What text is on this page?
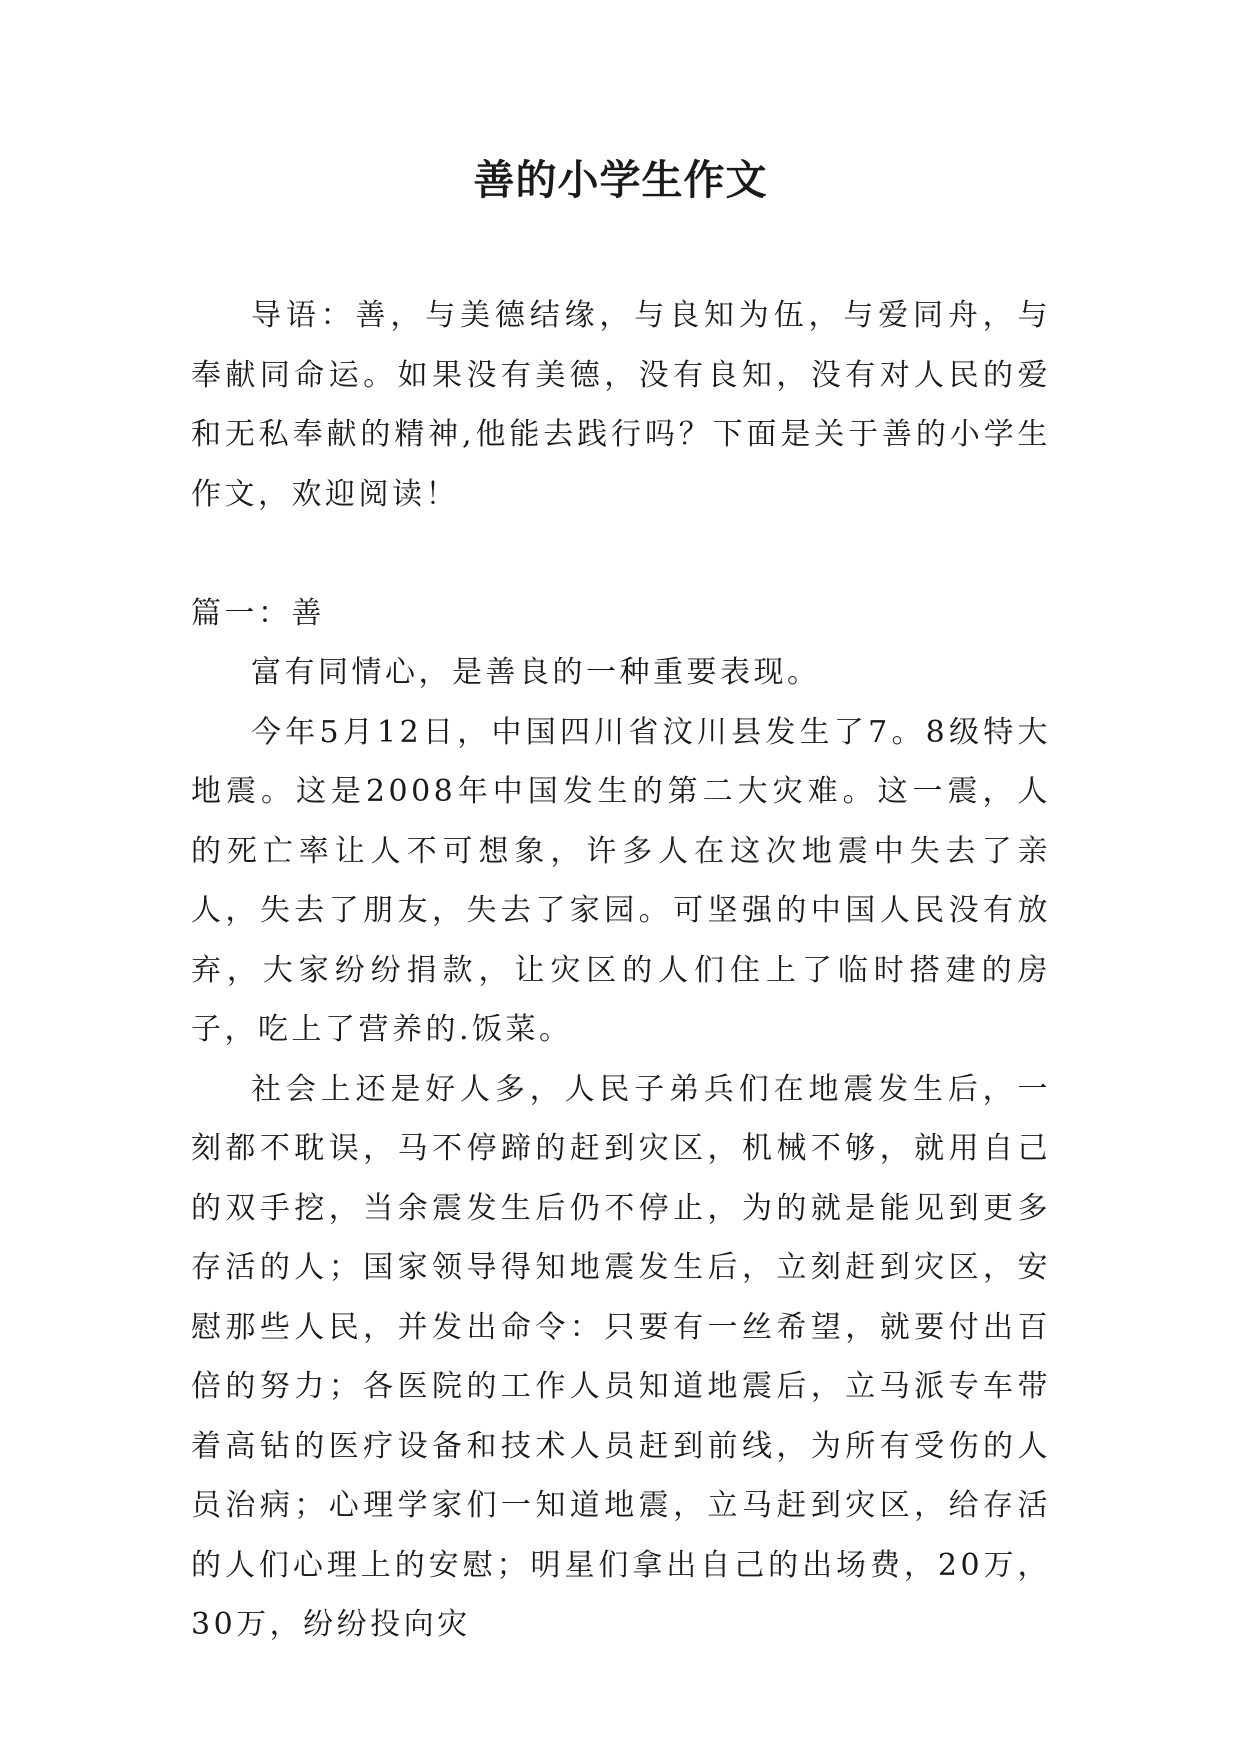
善的小学生作文

导语：善，与美德结缘，与良知为伍，与爱同舟，与奉献同命运。如果没有美德，没有良知，没有对人民的爱和无私奉献的精神,他能去践行吗？下面是关于善的小学生作文，欢迎阅读！

篇一：善

富有同情心，是善良的一种重要表现。

今年5月12日，中国四川省汶川县发生了7。8级特大地震。这是2008年中国发生的第二大灾难。这一震，人的死亡率让人不可想象，许多人在这次地震中失去了亲人，失去了朋友，失去了家园。可坚强的中国人民没有放弃，大家纷纷捐款，让灾区的人们住上了临时搭建的房子，吃上了营养的.饭菜。

社会上还是好人多，人民子弟兵们在地震发生后，一刻都不耽误，马不停蹄的赶到灾区，机械不够，就用自己的双手挖，当余震发生后仍不停止，为的就是能见到更多存活的人；国家领导得知地震发生后，立刻赶到灾区，安慰那些人民，并发出命令：只要有一丝希望，就要付出百倍的努力；各医院的工作人员知道地震后，立马派专车带着高钻的医疗设备和技术人员赶到前线，为所有受伤的人员治病；心理学家们一知道地震，立马赶到灾区，给存活的人们心理上的安慰；明星们拿出自己的出场费，20万，30万，纷纷投向灾
